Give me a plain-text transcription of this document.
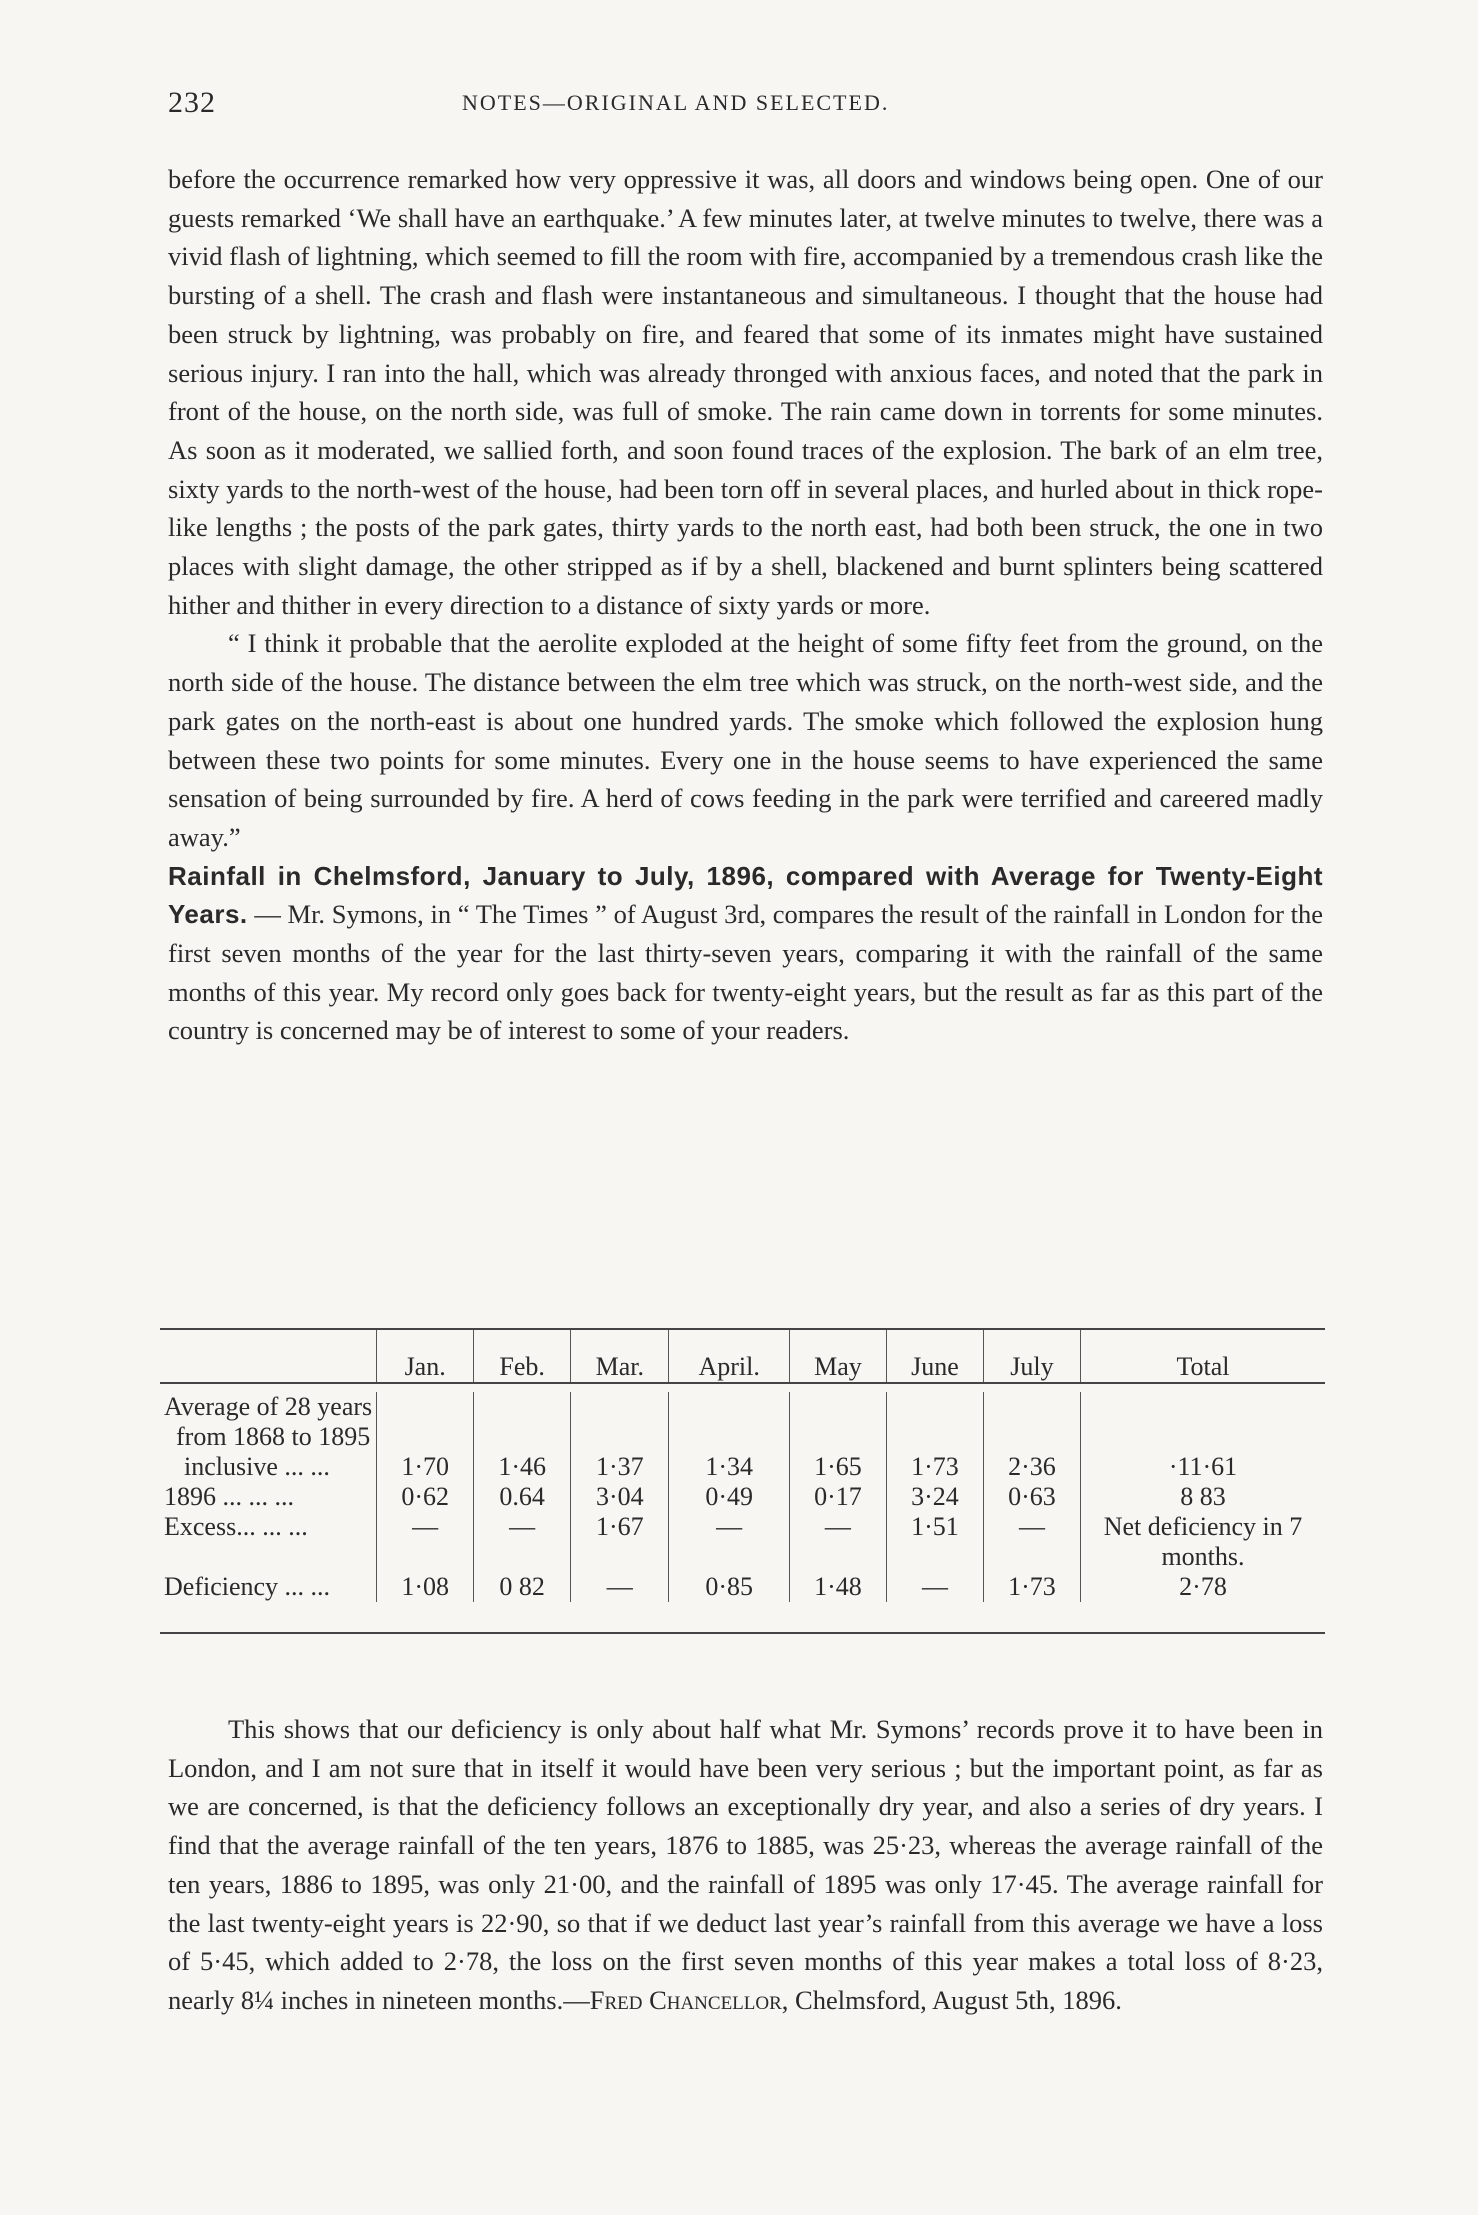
232	NOTES—ORIGINAL AND SELECTED.

before the occurrence remarked how very oppressive it was, all doors and windows being open. One of our guests remarked ‘We shall have an earthquake.’ A few minutes later, at twelve minutes to twelve, there was a vivid flash of lightning, which seemed to fill the room with fire, accompanied by a tremendous crash like the bursting of a shell. The crash and flash were instantaneous and simultaneous. I thought that the house had been struck by lightning, was probably on fire, and feared that some of its inmates might have sustained serious injury. I ran into the hall, which was already thronged with anxious faces, and noted that the park in front of the house, on the north side, was full of smoke. The rain came down in torrents for some minutes. As soon as it moderated, we sallied forth, and soon found traces of the explosion. The bark of an elm tree, sixty yards to the north-west of the house, had been torn off in several places, and hurled about in thick rope-like lengths ; the posts of the park gates, thirty yards to the north east, had both been struck, the one in two places with slight damage, the other stripped as if by a shell, blackened and burnt splinters being scattered hither and thither in every direction to a distance of sixty yards or more.

“ I think it probable that the aerolite exploded at the height of some fifty feet from the ground, on the north side of the house. The distance between the elm tree which was struck, on the north-west side, and the park gates on the north-east is about one hundred yards. The smoke which followed the explosion hung between these two points for some minutes. Every one in the house seems to have experienced the same sensation of being surrounded by fire. A herd of cows feeding in the park were terrified and careered madly away.”

Rainfall in Chelmsford, January to July, 1896, compared with Average for Twenty-Eight Years. — Mr. Symons, in “ The Times ” of August 3rd, compares the result of the rainfall in London for the first seven months of the year for the last thirty-seven years, comparing it with the rainfall of the same months of this year. My record only goes back for twenty-eight years, but the result as far as this part of the country is concerned may be of interest to some of your readers.

	Jan.	Feb.	Mar.	April.	May	June	July	Total

Average of 28 years
from 1868 to 1895
inclusive ... ...	1·70	1·46	1·37	1·34	1·65	1·73	2·36	·11·61
1896 ... ... ...	0·62	0.64	3·04	0·49	0·17	3·24	0·63	8 83
Excess... ... ...	—	—	1·67	—	—	1·51	—	Net deficiency in 7 months.
Deficiency ... ...	1·08	0 82	—	0·85	1·48	—	1·73	2·78

This shows that our deficiency is only about half what Mr. Symons’ records prove it to have been in London, and I am not sure that in itself it would have been very serious ; but the important point, as far as we are concerned, is that the deficiency follows an exceptionally dry year, and also a series of dry years. I find that the average rainfall of the ten years, 1876 to 1885, was 25·23, whereas the average rainfall of the ten years, 1886 to 1895, was only 21·00, and the rainfall of 1895 was only 17·45. The average rainfall for the last twenty-eight years is 22·90, so that if we deduct last year’s rainfall from this average we have a loss of 5·45, which added to 2·78, the loss on the first seven months of this year makes a total loss of 8·23, nearly 8¼ inches in nineteen months.—Fred Chancellor, Chelmsford, August 5th, 1896.
